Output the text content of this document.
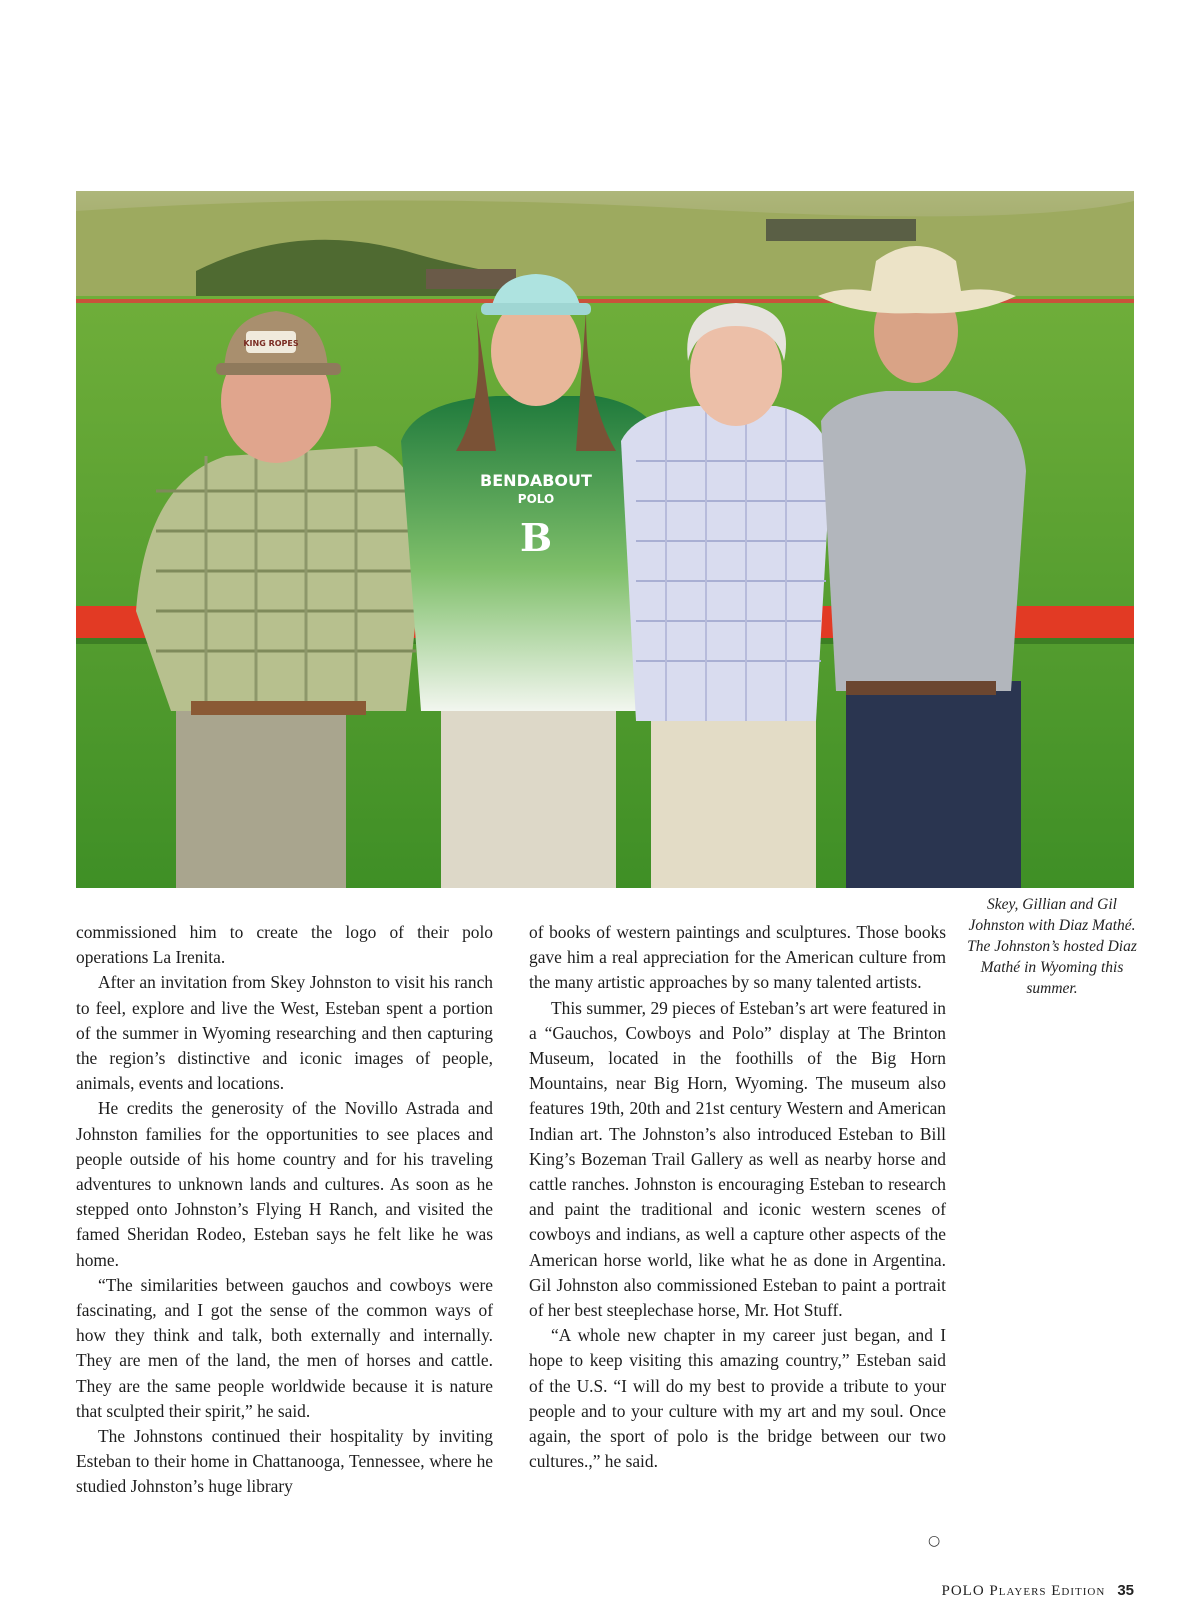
BENDABOUT
POLO
B
KING ROPES
Skey, Gillian and Gil Johnston with Diaz Mathé. The Johnston’s hosted Diaz Mathé in Wyoming this summer.

commissioned him to create the logo of their polo operations La Irenita.

After an invitation from Skey Johnston to visit his ranch to feel, explore and live the West, Esteban spent a portion of the summer in Wyoming researching and then capturing the region’s distinctive and iconic images of people, animals, events and locations.

He credits the generosity of the Novillo Astrada and Johnston families for the opportunities to see places and people outside of his home country and for his traveling adventures to unknown lands and cultures. As soon as he stepped onto Johnston’s Flying H Ranch, and visited the famed Sheridan Rodeo, Esteban says he felt like he was home.

“The similarities between gauchos and cowboys were fascinating, and I got the sense of the common ways of how they think and talk, both externally and internally. They are men of the land, the men of horses and cattle. They are the same people worldwide because it is nature that sculpted their spirit,” he said.

The Johnstons continued their hospitality by inviting Esteban to their home in Chattanooga, Tennessee, where he studied Johnston’s huge library

of books of western paintings and sculptures. Those books gave him a real appreciation for the American culture from the many artistic approaches by so many talented artists.

This summer, 29 pieces of Esteban’s art were featured in a “Gauchos, Cowboys and Polo” display at The Brinton Museum, located in the foothills of the Big Horn Mountains, near Big Horn, Wyoming. The museum also features 19th, 20th and 21st century Western and American Indian art. The Johnston’s also introduced Esteban to Bill King’s Bozeman Trail Gallery as well as nearby horse and cattle ranches. Johnston is encouraging Esteban to research and paint the traditional and iconic western scenes of cowboys and indians, as well a capture other aspects of the American horse world, like what he as done in Argentina. Gil Johnston also commissioned Esteban to paint a portrait of her best steeplechase horse, Mr. Hot Stuff.

“A whole new chapter in my career just began, and I hope to keep visiting this amazing country,” Esteban said of the U.S. “I will do my best to provide a tribute to your people and to your culture with my art and my soul. Once again, the sport of polo is the bridge between our two cultures.,” he said.

○
POLO Players Edition 35
